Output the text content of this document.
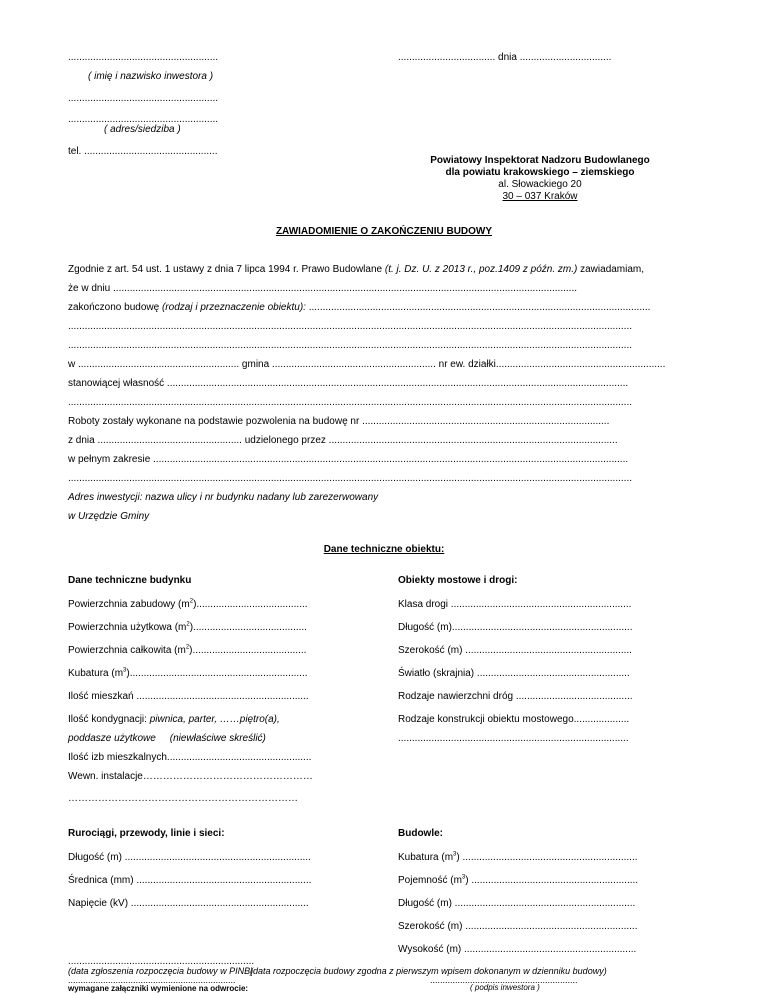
......................................................
( imię i nazwisko inwestora )
................................... dnia .................................
......................................................
......................................................
( adres/siedziba )
tel. ................................................
Powiatowy Inspektorat Nadzoru Budowlanego
dla powiatu krakowskiego – ziemskiego
al. Słowackiego 20
30 – 037 Kraków
ZAWIADOMIENIE O ZAKOŃCZENIU BUDOWY
Zgodnie z art. 54 ust. 1 ustawy z dnia 7 lipca 1994 r. Prawo Budowlane (t. j. Dz. U. z 2013 r., poz.1409 z późn. zm.) zawiadamiam,
że w dniu .......................................................................................................................................................................
zakończono budowę (rodzaj i przeznaczenie obiektu): ...........................................................................................................................
...........................................................................................................................................................................................................
...........................................................................................................................................................................................................
w .......................................................... gmina ........................................................... nr ew. działki.............................................................
stanowiącej własność ......................................................................................................................................................................
...........................................................................................................................................................................................................
Roboty zostały wykonane na podstawie pozwolenia na budowę nr .........................................................................................
z dnia .................................................... udzielonego przez ........................................................................................................
w pełnym zakresie ...........................................................................................................................................................................
...........................................................................................................................................................................................................
Adres inwestycji: nazwa ulicy i nr budynku nadany lub zarezerwowany
w Urzędzie Gminy
Dane techniczne obiektu:
Dane techniczne budynku	Obiekty mostowe i drogi:
Powierzchnia zabudowy $(m^2)$........................................
Powierzchnia użytkowa $(m^2)$.........................................
Powierzchnia całkowita $(m^2)$.........................................
Kubatura $(m^3)$................................................................
Ilość mieszkań ..............................................................
Klasa drogi .................................................................
Długość (m).................................................................
Szerokość (m) ............................................................
Światło (skrajnia) .......................................................
Rodzaje nawierzchni dróg ..........................................
Ilość kondygnacji: piwnica, parter, ……piętro(a),
poddasze użytkowe (niewłaściwe skreślić)
Rodzaje konstrukcji obiektu mostowego....................
...................................................................................
Ilość izb mieszkalnych....................................................
Wewn. instalacje……………………………………………
……………………………………………………………
Rurociągi, przewody, linie i sieci:	Budowle:
Długość (m) ...................................................................
Średnica (mm) ...............................................................
Napięcie (kV) ................................................................
Kubatura $(m^3)$ ...............................................................
Pojemność $(m^3)$ ............................................................
Długość (m) .................................................................
Szerokość (m) ..............................................................
Wysokość (m) ..............................................................
...................................................................
(data zgłoszenia rozpoczęcia budowy w PINB)
...................................................................
(data rozpoczęcia budowy zgodna z pierwszym wpisem dokonanym w dzienniku budowy)
...........................................................
( podpis inwestora )
wymagane załączniki wymienione na odwrocie:
